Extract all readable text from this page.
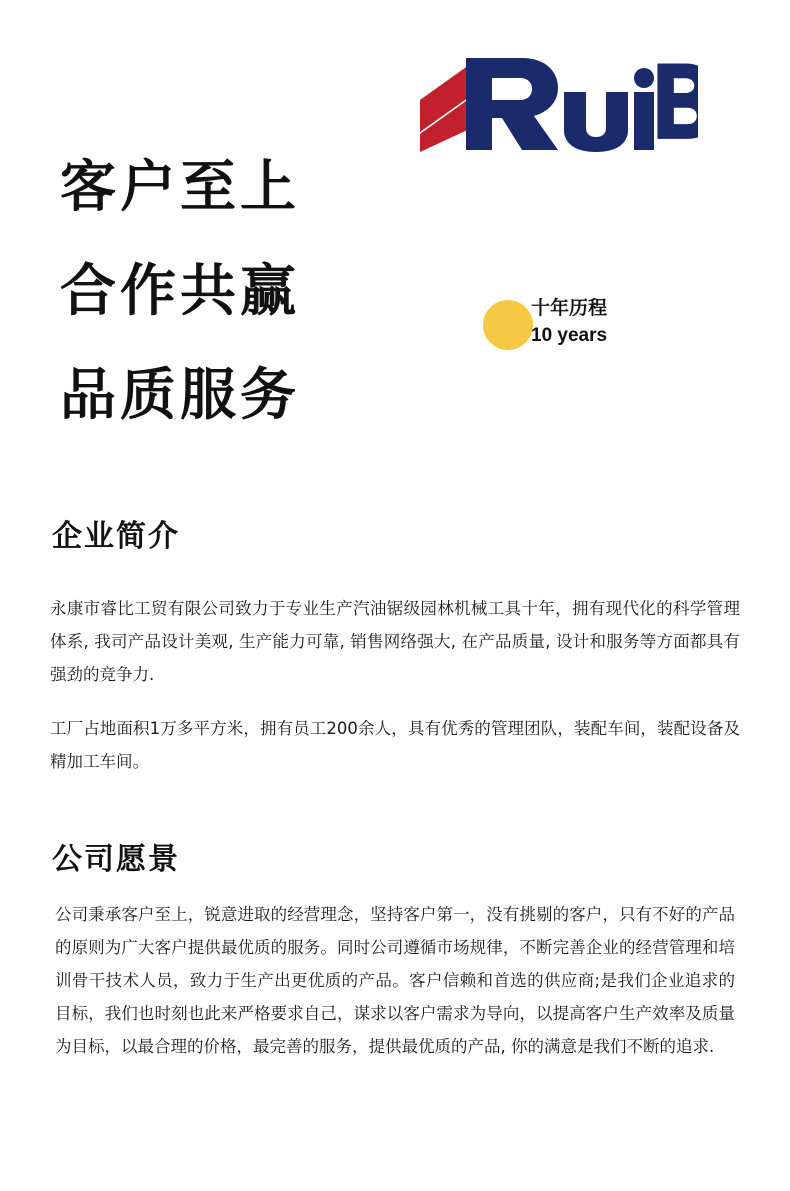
客户至上
合作共赢
品质服务
十年历程
10 years
企业简介
永康市睿比工贸有限公司致力于专业生产汽油锯级园林机械工具十年，拥有现代化的科学管理体系, 我司产品设计美观, 生产能力可靠, 销售网络强大, 在产品质量, 设计和服务等方面都具有强劲的竞争力.
工厂占地面积1万多平方米，拥有员工200余人，具有优秀的管理团队，装配车间，装配设备及精加工车间。
公司愿景
公司秉承客户至上，锐意进取的经营理念，坚持客户第一，没有挑剔的客户，只有不好的产品的原则为广大客户提供最优质的服务。同时公司遵循市场规律，不断完善企业的经营管理和培训骨干技术人员，致力于生产出更优质的产品。客户信赖和首选的供应商;是我们企业追求的目标，我们也时刻也此来严格要求自己，谋求以客户需求为导向，以提高客户生产效率及质量为目标，以最合理的价格，最完善的服务，提供最优质的产品, 你的满意是我们不断的追求.
